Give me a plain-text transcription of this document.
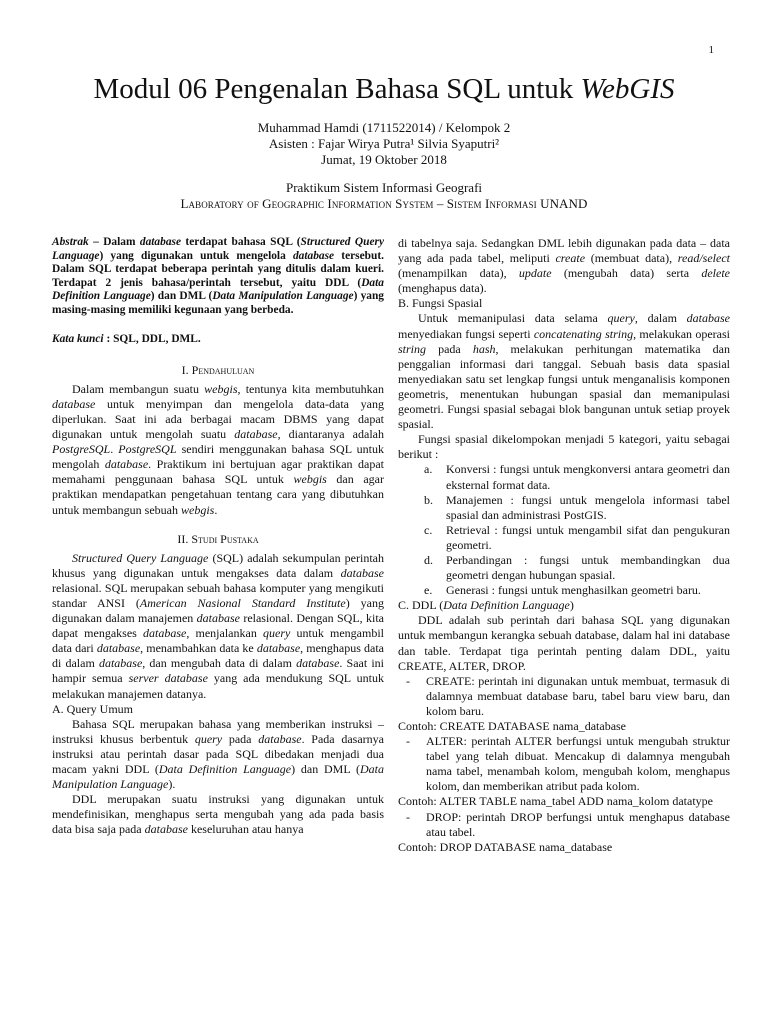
1
Modul 06 Pengenalan Bahasa SQL untuk WebGIS
Muhammad Hamdi (1711522014) / Kelompok 2
Asisten : Fajar Wirya Putra¹ Silvia Syaputri²
Jumat, 19 Oktober 2018
Praktikum Sistem Informasi Geografi
Laboratory of Geographic Information System – Sistem Informasi UNAND

Abstrak – Dalam database terdapat bahasa SQL (Structured Query Language) yang digunakan untuk mengelola database tersebut. Dalam SQL terdapat beberapa perintah yang ditulis dalam kueri. Terdapat 2 jenis bahasa/perintah tersebut, yaitu DDL (Data Definition Language) dan DML (Data Manipulation Language) yang masing-masing memiliki kegunaan yang berbeda.

Kata kunci : SQL, DDL, DML.

I. Pendahuluan

Dalam membangun suatu webgis, tentunya kita membutuhkan database untuk menyimpan dan mengelola data-data yang diperlukan. Saat ini ada berbagai macam DBMS yang dapat digunakan untuk mengolah suatu database, diantaranya adalah PostgreSQL. PostgreSQL sendiri menggunakan bahasa SQL untuk mengolah database. Praktikum ini bertujuan agar praktikan dapat memahami penggunaan bahasa SQL untuk webgis dan agar praktikan mendapatkan pengetahuan tentang cara yang dibutuhkan untuk membangun sebuah webgis.

II. Studi Pustaka

Structured Query Language (SQL) adalah sekumpulan perintah khusus yang digunakan untuk mengakses data dalam database relasional. SQL merupakan sebuah bahasa komputer yang mengikuti standar ANSI (American Nasional Standard Institute) yang digunakan dalam manajemen database relasional. Dengan SQL, kita dapat mengakses database, menjalankan query untuk mengambil data dari database, menambahkan data ke database, menghapus data di dalam database, dan mengubah data di dalam database. Saat ini hampir semua server database yang ada mendukung SQL untuk melakukan manajemen datanya.

A. Query Umum

Bahasa SQL merupakan bahasa yang memberikan instruksi – instruksi khusus berbentuk query pada database. Pada dasarnya instruksi atau perintah dasar pada SQL dibedakan menjadi dua macam yakni DDL (Data Definition Language) dan DML (Data Manipulation Language).

DDL merupakan suatu instruksi yang digunakan untuk mendefinisikan, menghapus serta mengubah yang ada pada basis data bisa saja pada database keseluruhan atau hanya

di tabelnya saja. Sedangkan DML lebih digunakan pada data – data yang ada pada tabel, meliputi create (membuat data), read/select (menampilkan data), update (mengubah data) serta delete (menghapus data).

B. Fungsi Spasial

Untuk memanipulasi data selama query, dalam database menyediakan fungsi seperti concatenating string, melakukan operasi string pada hash, melakukan perhitungan matematika dan penggalian informasi dari tanggal. Sebuah basis data spasial menyediakan satu set lengkap fungsi untuk menganalisis komponen geometris, menentukan hubungan spasial dan memanipulasi geometri. Fungsi spasial sebagai blok bangunan untuk setiap proyek spasial.

Fungsi spasial dikelompokan menjadi 5 kategori, yaitu sebagai berikut :

a. Konversi : fungsi untuk mengkonversi antara geometri dan eksternal format data.
b. Manajemen : fungsi untuk mengelola informasi tabel spasial dan administrasi PostGIS.
c. Retrieval : fungsi untuk mengambil sifat dan pengukuran geometri.
d. Perbandingan : fungsi untuk membandingkan dua geometri dengan hubungan spasial.
e. Generasi : fungsi untuk menghasilkan geometri baru.

C. DDL (Data Definition Language)

DDL adalah sub perintah dari bahasa SQL yang digunakan untuk membangun kerangka sebuah database, dalam hal ini database dan table. Terdapat tiga perintah penting dalam DDL, yaitu CREATE, ALTER, DROP.

- CREATE: perintah ini digunakan untuk membuat, termasuk di dalamnya membuat database baru, tabel baru view baru, dan kolom baru.

Contoh: CREATE DATABASE nama_database

- ALTER: perintah ALTER berfungsi untuk mengubah struktur tabel yang telah dibuat. Mencakup di dalamnya mengubah nama tabel, menambah kolom, mengubah kolom, menghapus kolom, dan memberikan atribut pada kolom.

Contoh: ALTER TABLE nama_tabel ADD nama_kolom datatype

- DROP: perintah DROP berfungsi untuk menghapus database atau tabel.

Contoh: DROP DATABASE nama_database
